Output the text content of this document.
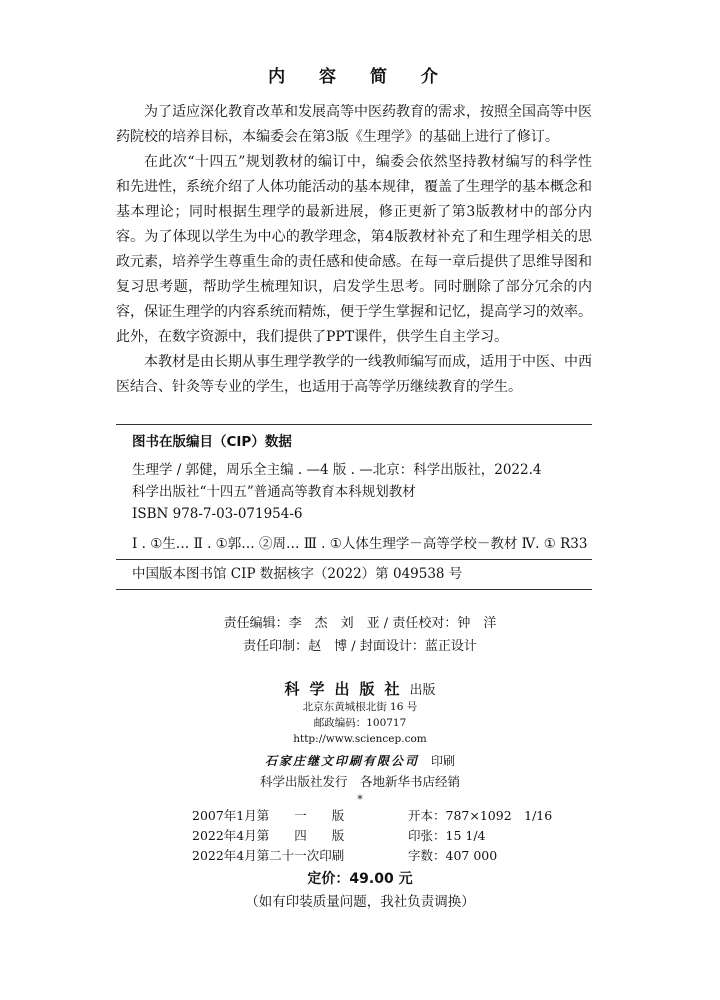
内 容 简 介

为了适应深化教育改革和发展高等中医药教育的需求，按照全国高等中医药院校的培养目标，本编委会在第3版《生理学》的基础上进行了修订。

在此次“十四五”规划教材的编订中，编委会依然坚持教材编写的科学性和先进性，系统介绍了人体功能活动的基本规律，覆盖了生理学的基本概念和基本理论；同时根据生理学的最新进展，修正更新了第3版教材中的部分内容。为了体现以学生为中心的教学理念，第4版教材补充了和生理学相关的思政元素，培养学生尊重生命的责任感和使命感。在每一章后提供了思维导图和复习思考题，帮助学生梳理知识，启发学生思考。同时删除了部分冗余的内容，保证生理学的内容系统而精炼，便于学生掌握和记忆，提高学习的效率。此外，在数字资源中，我们提供了PPT课件，供学生自主学习。

本教材是由长期从事生理学教学的一线教师编写而成，适用于中医、中西医结合、针灸等专业的学生，也适用于高等学历继续教育的学生。

图书在版编目（CIP）数据
生理学 / 郭健，周乐全主编 . —4 版 . —北京：科学出版社，2022.4
科学出版社“十四五”普通高等教育本科规划教材
ISBN 978-7-03-071954-6
Ⅰ . ①生… Ⅱ . ①郭… ②周… Ⅲ . ①人体生理学－高等学校－教材 Ⅳ. ① R33
中国版本图书馆 CIP 数据核字（2022）第 049538 号
责任编辑：李　杰　刘　亚 / 责任校对：钟　洋
责任印制：赵　博 / 封面设计：蓝正设计
科学出版社出版
北京东黄城根北街 16 号
邮政编码：100717
http://www.sciencep.com
石家庄继文印刷有限公司　 印刷
科学出版社发行　各地新华书店经销
*
2007年1月第　　一　　版	开本：787×1092　1/16
2022年4月第　　四　　版	印张：15 1/4
2022年4月第二十一次印刷	字数：407 000
定价：49.00 元
（如有印装质量问题，我社负责调换）
